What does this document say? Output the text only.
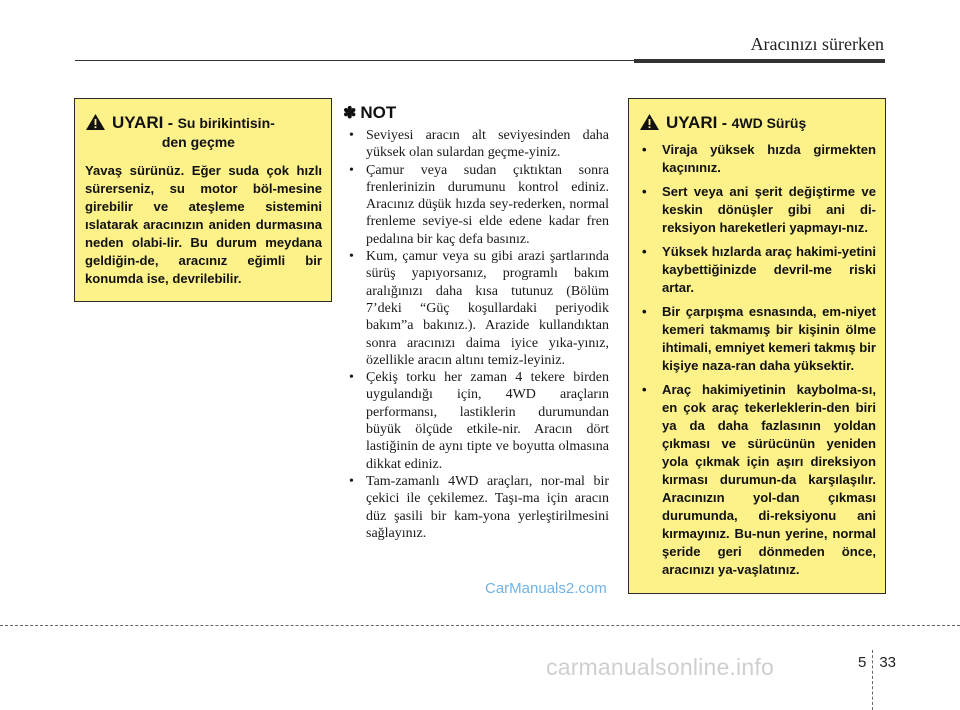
Aracınızı sürerken
UYARI - Su birikintisin-
den geçme
Yavaş sürünüz. Eğer suda çok hızlı sürerseniz, su motor böl-mesine girebilir ve ateşleme sistemini ıslatarak aracınızın aniden durmasına neden olabi-lir. Bu durum meydana geldiğin-de, aracınız eğimli bir konumda ise, devrilebilir.
✽ NOT
• Seviyesi aracın alt seviyesinden daha yüksek olan sulardan geçme-yiniz.
• Çamur veya sudan çıktıktan sonra frenlerinizin durumunu kontrol ediniz. Aracınız düşük hızda sey-rederken, normal frenleme seviye-si elde edene kadar fren pedalına bir kaç defa basınız.
• Kum, çamur veya su gibi arazi şartlarında sürüş yapıyorsanız, programlı bakım aralığınızı daha kısa tutunuz (Bölüm 7’deki “Güç koşullardaki periyodik bakım”a bakınız.). Arazide kullandıktan sonra aracınızı daima iyice yıka-yınız, özellikle aracın altını temiz-leyiniz.
• Çekiş torku her zaman 4 tekere birden uygulandığı için, 4WD araçların performansı, lastiklerin durumundan büyük ölçüde etkile-nir. Aracın dört lastiğinin de aynı tipte ve boyutta olmasına dikkat ediniz.
• Tam-zamanlı 4WD araçları, nor-mal bir çekici ile çekilemez. Taşı-ma için aracın düz şasili bir kam-yona yerleştirilmesini sağlayınız.
UYARI - 4WD Sürüş
• Viraja yüksek hızda girmekten kaçınınız.
• Sert veya ani şerit değiştirme ve keskin dönüşler gibi ani di-reksiyon hareketleri yapmayı-nız.
• Yüksek hızlarda araç hakimi-yetini kaybettiğinizde devril-me riski artar.
• Bir çarpışma esnasında, em-niyet kemeri takmamış bir kişinin ölme ihtimali, emniyet kemeri takmış bir kişiye naza-ran daha yüksektir.
• Araç hakimiyetinin kaybolma-sı, en çok araç tekerleklerin-den biri ya da daha fazlasının yoldan çıkması ve sürücünün yeniden yola çıkmak için aşırı direksiyon kırması durumun-da karşılaşılır. Aracınızın yol-dan çıkması durumunda, di-reksiyonu ani kırmayınız. Bu-nun yerine, normal şeride geri dönmeden önce, aracınızı ya-vaşlatınız.
CarManuals2.com
5 33
carmanualsonline.info
